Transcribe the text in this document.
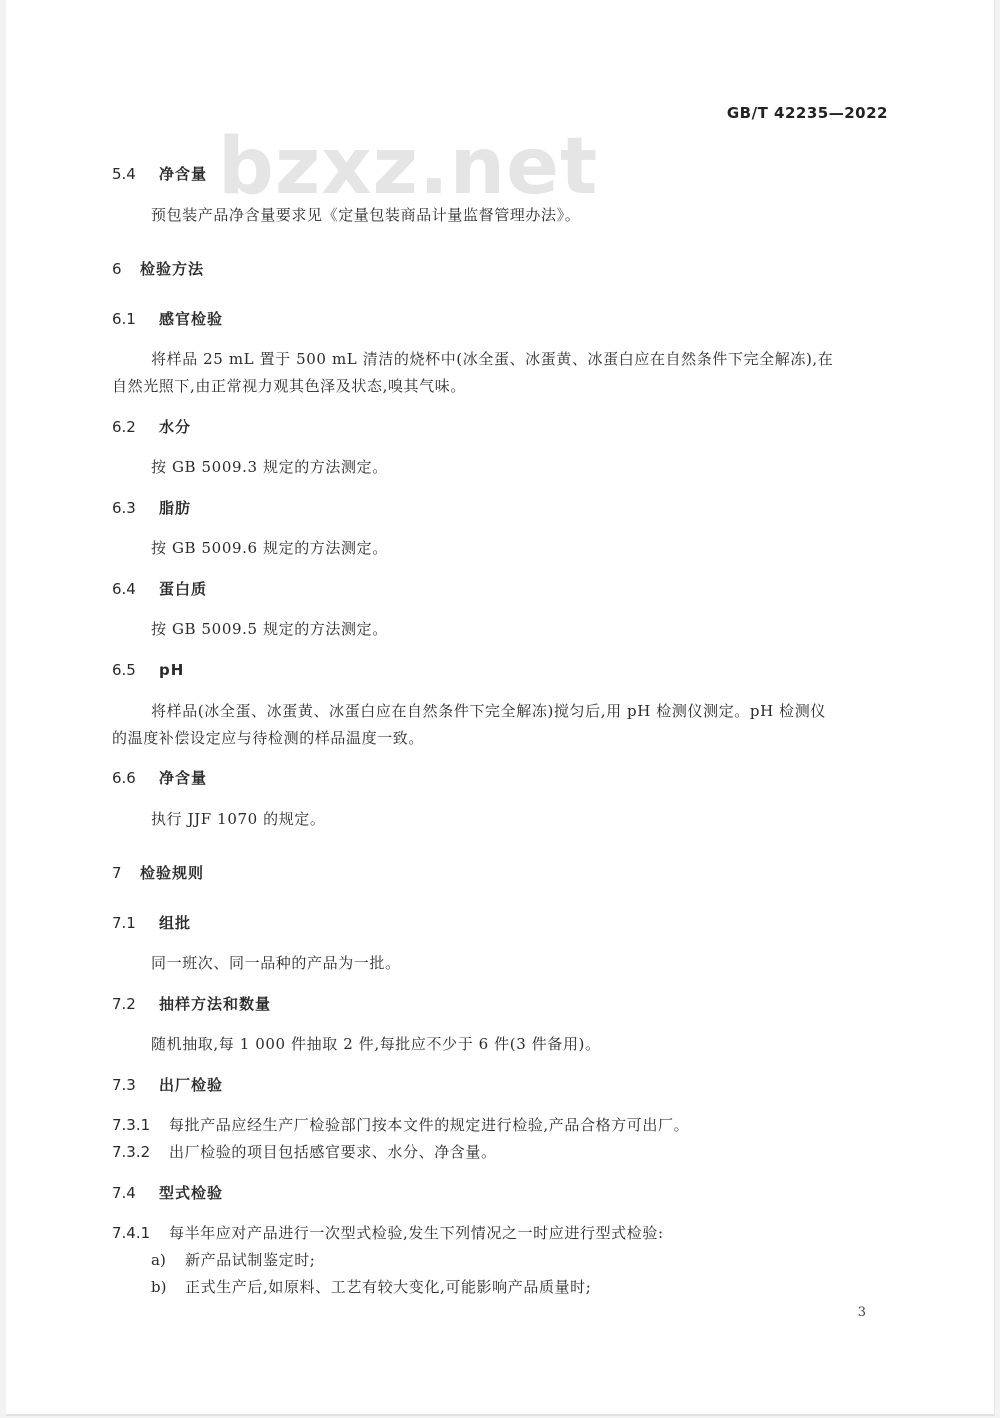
GB/T 42235—2022
bzxz.net
5.4 净含量
预包装产品净含量要求见《定量包装商品计量监督管理办法》。
6 检验方法
6.1 感官检验
将样品 25 mL 置于 500 mL 清洁的烧杯中(冰全蛋、冰蛋黄、冰蛋白应在自然条件下完全解冻),在
自然光照下,由正常视力观其色泽及状态,嗅其气味。
6.2 水分
按 GB 5009.3 规定的方法测定。
6.3 脂肪
按 GB 5009.6 规定的方法测定。
6.4 蛋白质
按 GB 5009.5 规定的方法测定。
6.5 pH
将样品(冰全蛋、冰蛋黄、冰蛋白应在自然条件下完全解冻)搅匀后,用 pH 检测仪测定。pH 检测仪
的温度补偿设定应与待检测的样品温度一致。
6.6 净含量
执行 JJF 1070 的规定。
7 检验规则
7.1 组批
同一班次、同一品种的产品为一批。
7.2 抽样方法和数量
随机抽取,每 1 000 件抽取 2 件,每批应不少于 6 件(3 件备用)。
7.3 出厂检验
7.3.1 每批产品应经生产厂检验部门按本文件的规定进行检验,产品合格方可出厂。
7.3.2 出厂检验的项目包括感官要求、水分、净含量。
7.4 型式检验
7.4.1 每半年应对产品进行一次型式检验,发生下列情况之一时应进行型式检验:
a) 新产品试制鉴定时;
b) 正式生产后,如原料、工艺有较大变化,可能影响产品质量时;
3
